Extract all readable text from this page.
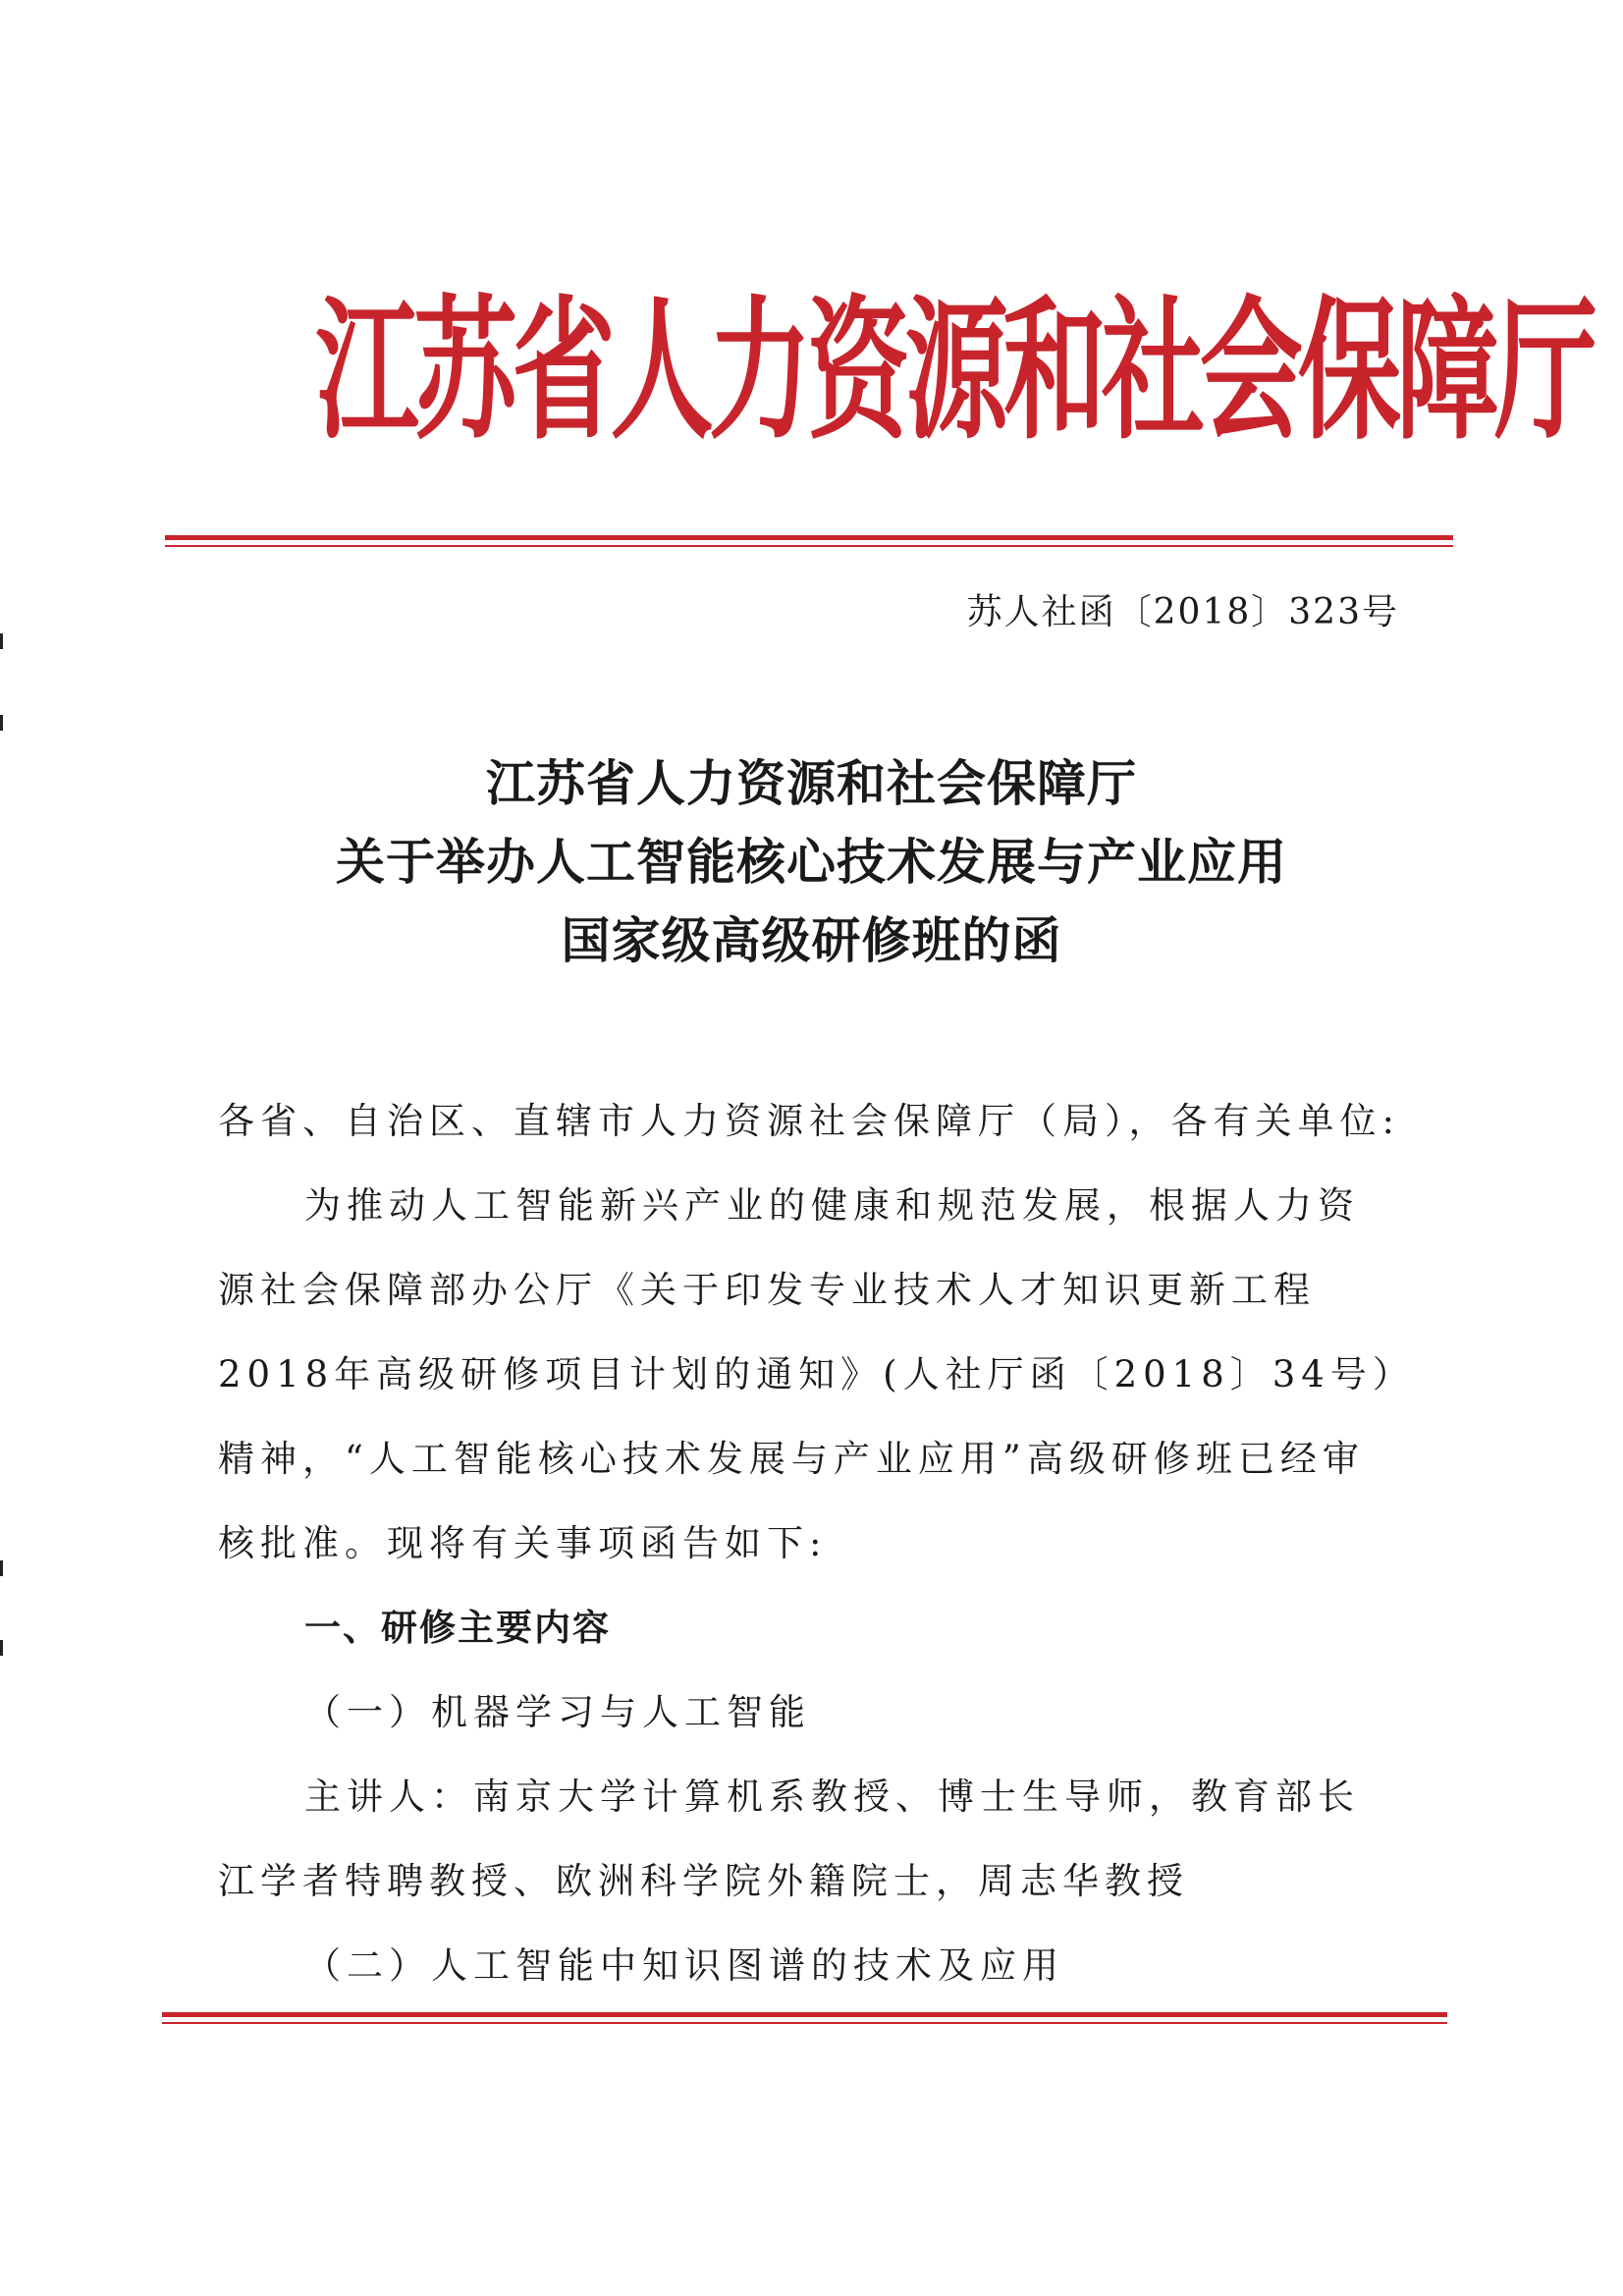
江苏省人力资源和社会保障厅
苏人社函〔2018〕323号
江苏省人力资源和社会保障厅
关于举办人工智能核心技术发展与产业应用
国家级高级研修班的函
各省、自治区、直辖市人力资源社会保障厅（局），各有关单位:
为推动人工智能新兴产业的健康和规范发展，根据人力资
源社会保障部办公厅《关于印发专业技术人才知识更新工程
2018年高级研修项目计划的通知》(人社厅函〔2018〕34号）
精神，“人工智能核心技术发展与产业应用”高级研修班已经审
核批准。现将有关事项函告如下:
一、研修主要内容
（一）机器学习与人工智能
主讲人：南京大学计算机系教授、博士生导师，教育部长
江学者特聘教授、欧洲科学院外籍院士，周志华教授
（二）人工智能中知识图谱的技术及应用
